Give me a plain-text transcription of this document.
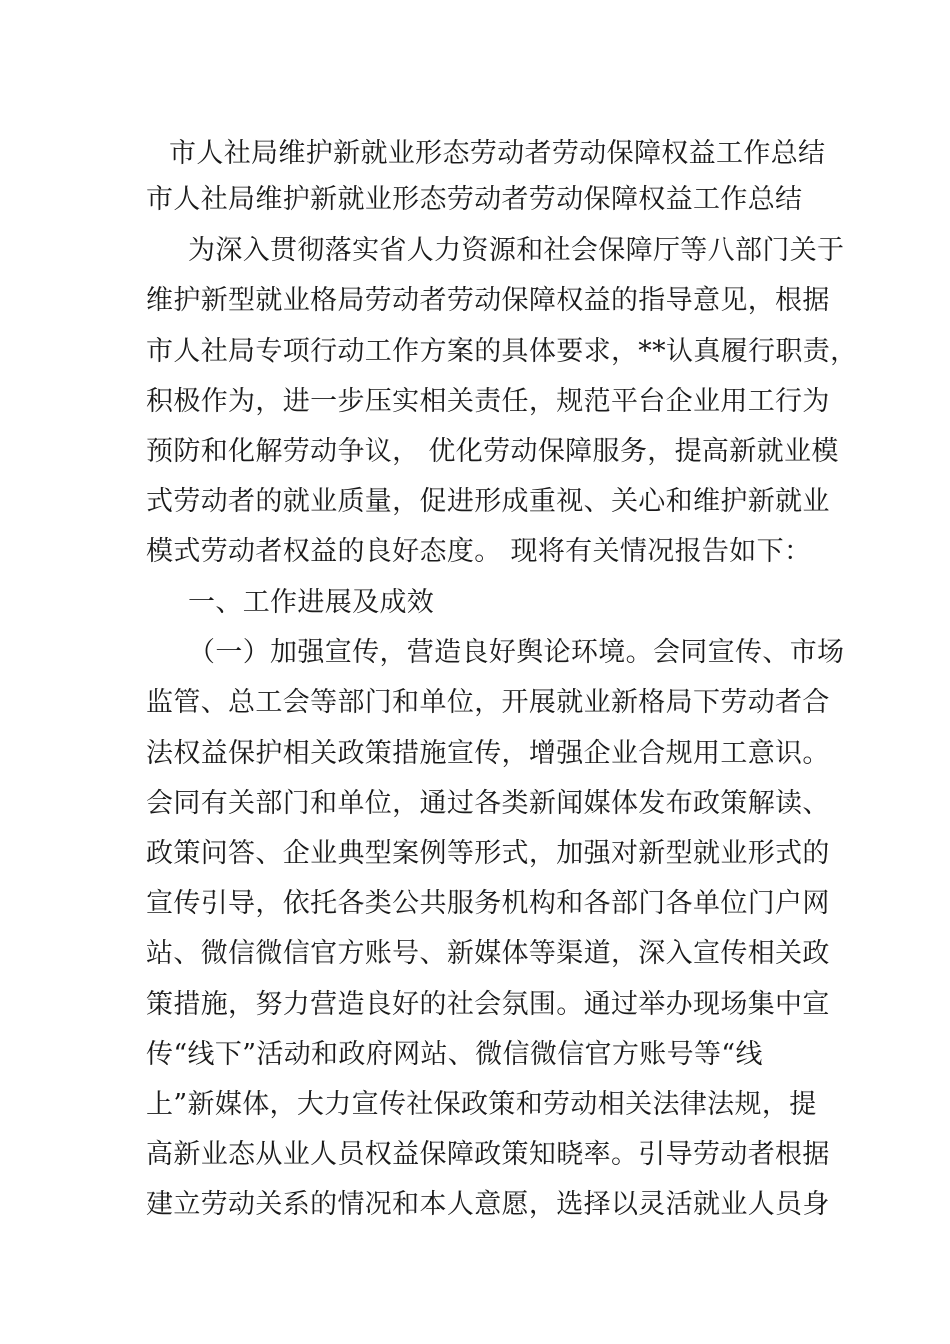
市人社局维护新就业形态劳动者劳动保障权益工作总结

市人社局维护新就业形态劳动者劳动保障权益工作总结

为深入贯彻落实省人力资源和社会保障厅等八部门关于

维护新型就业格局劳动者劳动保障权益的指导意见，根据

市人社局专项行动工作方案的具体要求，**认真履行职责，

积极作为，进一步压实相关责任，规范平台企业用工行为

预防和化解劳动争议， 优化劳动保障服务，提高新就业模

式劳动者的就业质量，促进形成重视、关心和维护新就业

模式劳动者权益的良好态度。 现将有关情况报告如下：

一、工作进展及成效

（一）加强宣传，营造良好舆论环境。会同宣传、市场

监管、总工会等部门和单位，开展就业新格局下劳动者合

法权益保护相关政策措施宣传，增强企业合规用工意识。

会同有关部门和单位，通过各类新闻媒体发布政策解读、

政策问答、企业典型案例等形式，加强对新型就业形式的

宣传引导，依托各类公共服务机构和各部门各单位门户网

站、微信微信官方账号、新媒体等渠道，深入宣传相关政

策措施，努力营造良好的社会氛围。通过举办现场集中宣

传“线下”活动和政府网站、微信微信官方账号等“线

上”新媒体，大力宣传社保政策和劳动相关法律法规，提

高新业态从业人员权益保障政策知晓率。引导劳动者根据

建立劳动关系的情况和本人意愿，选择以灵活就业人员身
